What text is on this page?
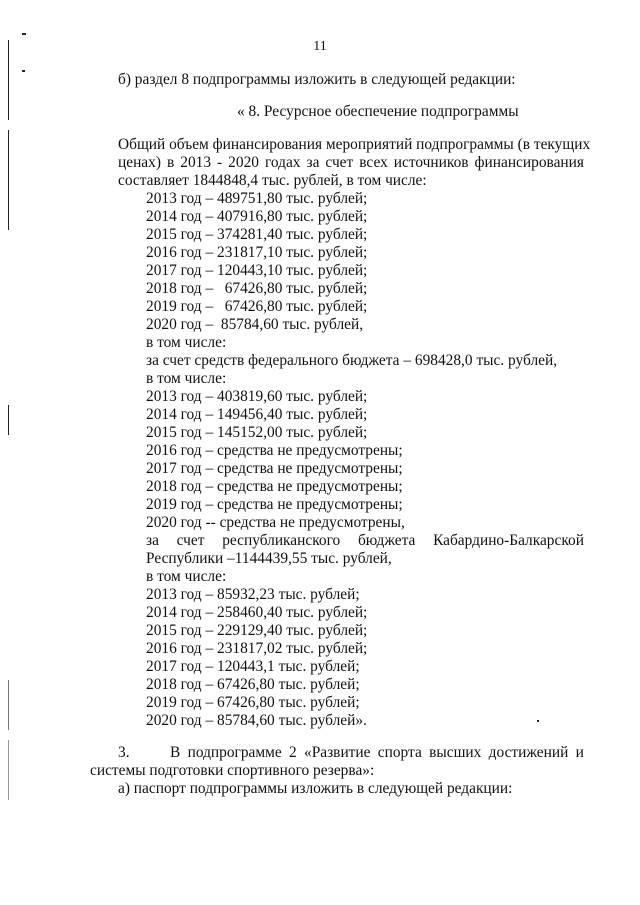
11
б) раздел 8 подпрограммы изложить в следующей редакции:
« 8. Ресурсное обеспечение подпрограммы
Общий объем финансирования мероприятий подпрограммы (в текущих
ценах) в 2013 - 2020 годах за счет всех источников финансирования
составляет 1844848,4 тыс. рублей, в том числе:
2013 год – 489751,80 тыс. рублей;
2014 год – 407916,80 тыс. рублей;
2015 год – 374281,40 тыс. рублей;
2016 год – 231817,10 тыс. рублей;
2017 год – 120443,10 тыс. рублей;
2018 год –   67426,80 тыс. рублей;
2019 год –   67426,80 тыс. рублей;
2020 год –  85784,60 тыс. рублей,
в том числе:
за счет средств федерального бюджета – 698428,0 тыс. рублей,
в том числе:
2013 год – 403819,60 тыс. рублей;
2014 год – 149456,40 тыс. рублей;
2015 год – 145152,00 тыс. рублей;
2016 год – средства не предусмотрены;
2017 год – средства не предусмотрены;
2018 год – средства не предусмотрены;
2019 год – средства не предусмотрены;
2020 год -- средства не предусмотрены,
за счет республиканского бюджета Кабардино-Балкарской
Республики –1144439,55 тыс. рублей,
в том числе:
2013 год – 85932,23 тыс. рублей;
2014 год – 258460,40 тыс. рублей;
2015 год – 229129,40 тыс. рублей;
2016 год – 231817,02 тыс. рублей;
2017 год – 120443,1 тыс. рублей;
2018 год – 67426,80 тыс. рублей;
2019 год – 67426,80 тыс. рублей;
2020 год – 85784,60 тыс. рублей».
3.	В подпрограмме 2 «Развитие спорта высших достижений и
системы подготовки спортивного резерва»:
а) паспорт подпрограммы изложить в следующей редакции:
